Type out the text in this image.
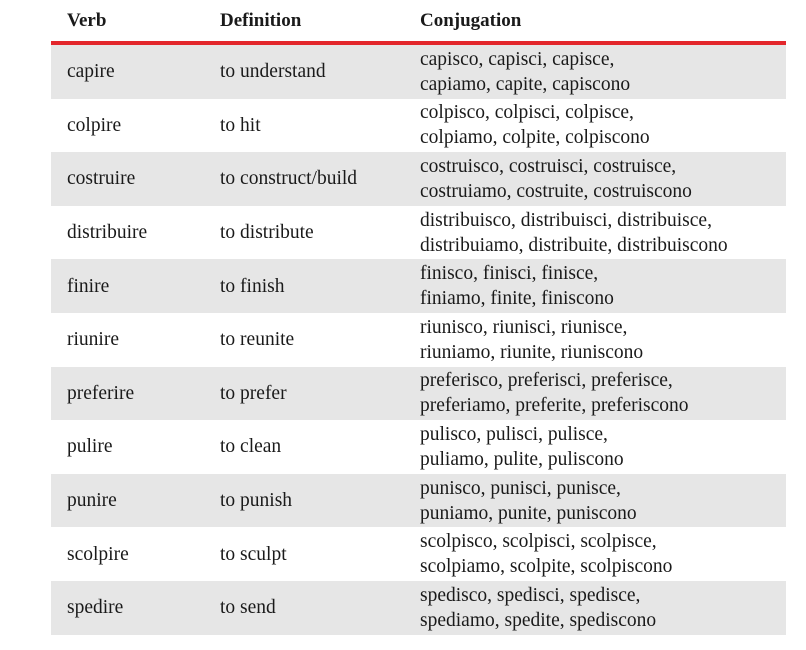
Verb	Definition	Conjugation
capire	to understand	capisco, capisci, capisce,
capiamo, capite, capiscono

colpire	to hit	colpisco, colpisci, colpisce,
colpiamo, colpite, colpiscono

costruire	to construct/build	costruisco, costruisci, costruisce,
costruiamo, costruite, costruiscono

distribuire	to distribute	distribuisco, distribuisci, distribuisce,
distribuiamo, distribuite, distribuiscono

finire	to finish	finisco, finisci, finisce,
finiamo, finite, finiscono

riunire	to reunite	riunisco, riunisci, riunisce,
riuniamo, riunite, riuniscono

preferire	to prefer	preferisco, preferisci, preferisce,
preferiamo, preferite, preferiscono

pulire	to clean	pulisco, pulisci, pulisce,
puliamo, pulite, puliscono

punire	to punish	punisco, punisci, punisce,
puniamo, punite, puniscono

scolpire	to sculpt	scolpisco, scolpisci, scolpisce,
scolpiamo, scolpite, scolpiscono

spedire	to send	spedisco, spedisci, spedisce,
spediamo, spedite, spediscono
